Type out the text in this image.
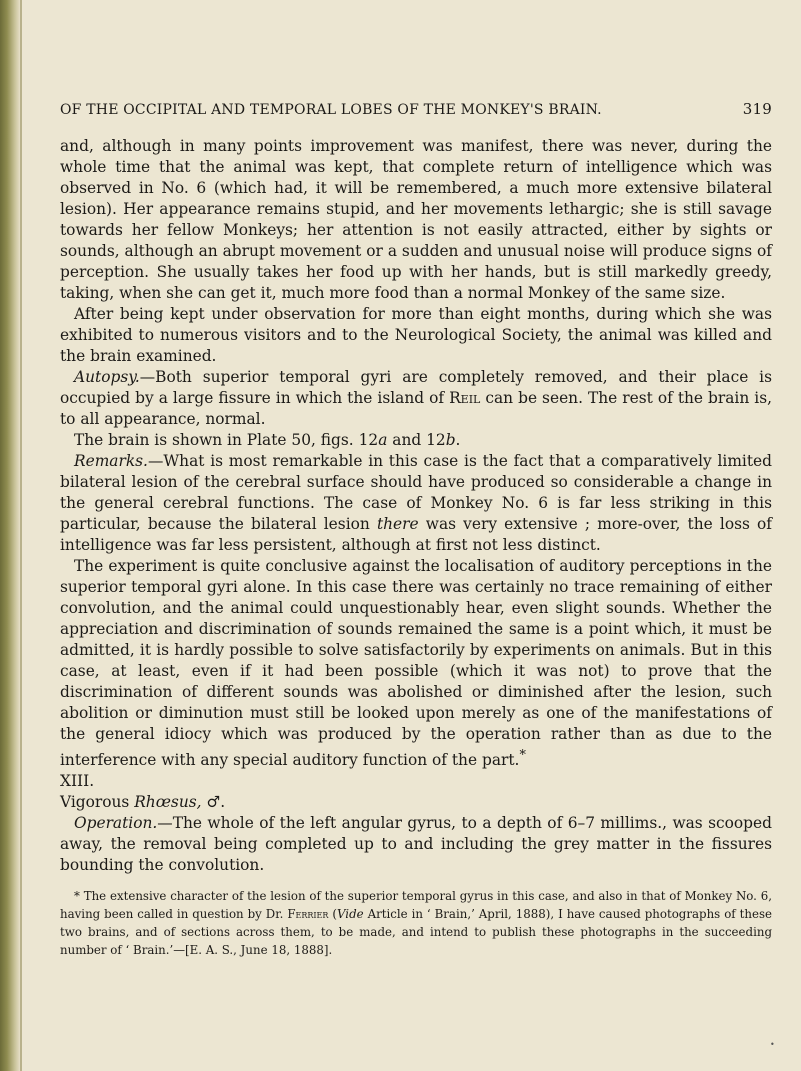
OF THE OCCIPITAL AND TEMPORAL LOBES OF THE MONKEY'S BRAIN.	319

and, although in many points improvement was manifest, there was never, during the whole time that the animal was kept, that complete return of intelligence which was observed in No. 6 (which had, it will be remembered, a much more extensive bilateral lesion). Her appearance remains stupid, and her movements lethargic; she is still savage towards her fellow Monkeys; her attention is not easily attracted, either by sights or sounds, although an abrupt movement or a sudden and unusual noise will produce signs of perception. She usually takes her food up with her hands, but is still markedly greedy, taking, when she can get it, much more food than a normal Monkey of the same size.

After being kept under observation for more than eight months, during which she was exhibited to numerous visitors and to the Neurological Society, the animal was killed and the brain examined.

Autopsy.—Both superior temporal gyri are completely removed, and their place is occupied by a large fissure in which the island of Reil can be seen. The rest of the brain is, to all appearance, normal.

The brain is shown in Plate 50, figs. 12a and 12b.

Remarks.—What is most remarkable in this case is the fact that a comparatively limited bilateral lesion of the cerebral surface should have produced so considerable a change in the general cerebral functions. The case of Monkey No. 6 is far less striking in this particular, because the bilateral lesion there was very extensive ; more-over, the loss of intelligence was far less persistent, although at first not less distinct.

The experiment is quite conclusive against the localisation of auditory perceptions in the superior temporal gyri alone. In this case there was certainly no trace remaining of either convolution, and the animal could unquestionably hear, even slight sounds. Whether the appreciation and discrimination of sounds remained the same is a point which, it must be admitted, it is hardly possible to solve satisfactorily by experiments on animals. But in this case, at least, even if it had been possible (which it was not) to prove that the discrimination of different sounds was abolished or diminished after the lesion, such abolition or diminution must still be looked upon merely as one of the manifestations of the general idiocy which was produced by the operation rather than as due to the interference with any special auditory function of the part.*

XIII.

Vigorous Rhœsus, ♂.

Operation.—The whole of the left angular gyrus, to a depth of 6–7 millims., was scooped away, the removal being completed up to and including the grey matter in the fissures bounding the convolution.

* The extensive character of the lesion of the superior temporal gyrus in this case, and also in that of Monkey No. 6, having been called in question by Dr. Ferrier (Vide Article in ‘ Brain,’ April, 1888), I have caused photographs of these two brains, and of sections across them, to be made, and intend to publish these photographs in the succeeding number of ‘ Brain.’—[E. A. S., June 18, 1888].

•
